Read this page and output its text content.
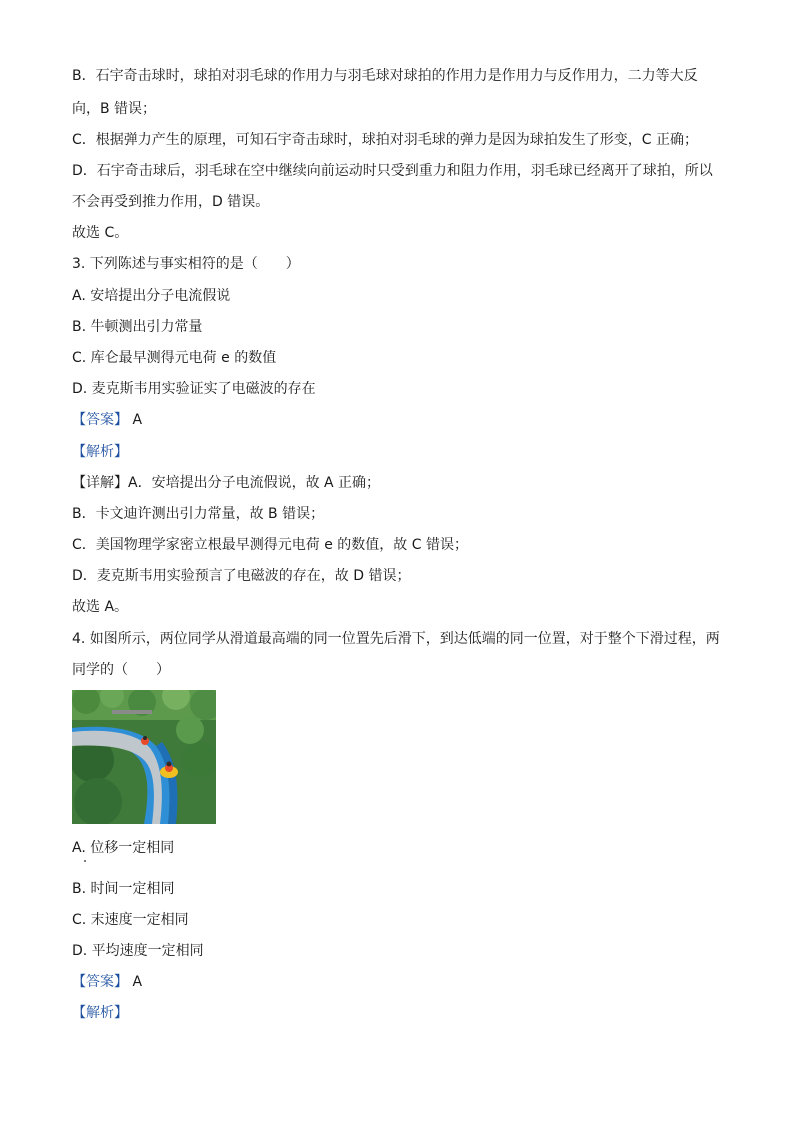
B．石宇奇击球时，球拍对羽毛球的作用力与羽毛球对球拍的作用力是作用力与反作用力，二力等大反
向，B 错误；
C．根据弹力产生的原理，可知石宇奇击球时，球拍对羽毛球的弹力是因为球拍发生了形变，C 正确；
D．石宇奇击球后，羽毛球在空中继续向前运动时只受到重力和阻力作用，羽毛球已经离开了球拍，所以
不会再受到推力作用，D 错误。
故选 C。
3. 下列陈述与事实相符的是（　　）
A. 安培提出分子电流假说
B. 牛顿测出引力常量
C. 库仑最早测得元电荷 e 的数值
D. 麦克斯韦用实验证实了电磁波的存在
【答案】 A
【解析】
【详解】A．安培提出分子电流假说，故 A 正确；
B．卡文迪许测出引力常量，故 B 错误；
C．美国物理学家密立根最早测得元电荷 e 的数值，故 C 错误；
D．麦克斯韦用实验预言了电磁波的存在，故 D 错误；
故选 A。
4. 如图所示，两位同学从滑道最高端的同一位置先后滑下，到达低端的同一位置，对于整个下滑过程，两
同学的（　　）
A. 位移一定相同
B. 时间一定相同
C. 末速度一定相同
D. 平均速度一定相同
【答案】 A
【解析】
